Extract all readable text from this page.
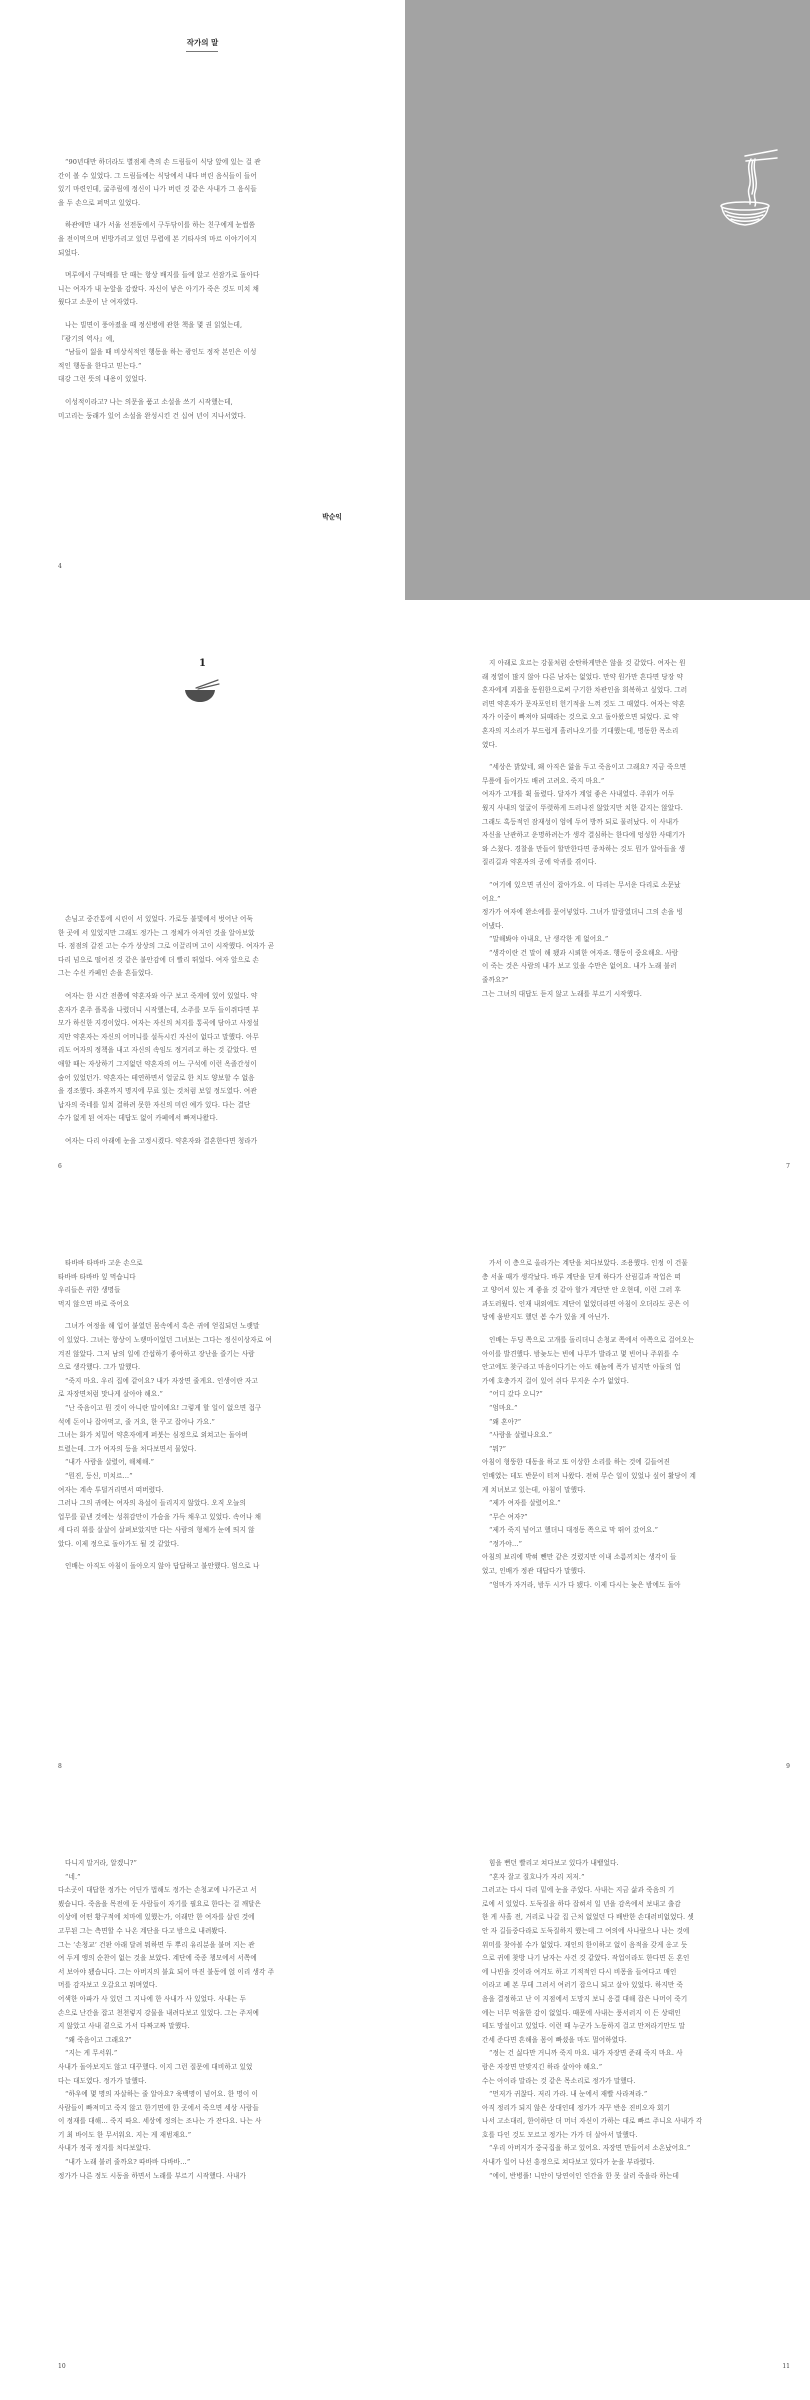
작가의 말
“90년대만 하더라도 별점제 측의 손 드림들이 식당 앞에 있는 걸 관
간이 볼 수 있었다. 그 드림들에는 식당에서 내다 버린 음식들이 들어
있기 마련인데, 굶주림에 정신이 나가 버린 것 같은 사내가 그 음식들
을 두 손으로 퍼먹고 있었다.
하관에만 내가 서울 선전동에서 구두닦이를 하는 친구에게 눈썹씀
을 전이먹으며 빈방가리고 있던 무렵에 본 기타사의 마르 이야기이지
되었다.
며루에서 구덕배를 단 때는 항상 배지를 들에 앉고 선잠가로 돌아다
니는 여자가 내 눈앞을 감쌌다. 자신이 낳은 아기가 죽은 것도 미치 채
웠다고 소문이 난 여자였다.
나는 빌면이 풍아졌을 때 정신병에 관한 책을 몇 권 읽었는데,
『광기의 역사』에,
“남들이 잃을 때 비상식적인 행동을 하는 광인도 정작 본인은 이성
적인 행동을 한다고 믿는다.”
대강 그런 뜻의 내용이 있었다.
이성적이라고? 나는 의문을 품고 소설을 쓰기 시작했는데,
미고리는 둥래가 있어 소설을 완성시킨 건 십여 년이 지나서였다.
박순익
4
1
손님고 중간통에 시린이 서 있었다. 가로등 불빛에서 벗어난 어둑
한 곳에 서 있었지만 그래도 정가는 그 정체가 아저인 것을 알아보았
다. 점점의 갈진 고는 수가 상상의 그로 이끌리며 고이 시작했다. 여자가 곧
다리 넘으로 떨어진 것 같은 불안감에 더 빨리 뛰었다. 여자 앞으로 손
그는 수신 카페인 손을 흔들었다.
여자는 한 시간 전쯤에 약혼자와 아구 보고 죽게에 있어 있었다. 약
혼자가 혼주 플록을 나렸더니 시작했는데, 소주를 모두 들이쥐다면 부
모가 하신한 지경이었다. 여자는 자신의 처지를 통곡에 담아고 사정설
지만 약혼자는 자신의 어머니를 설득시킨 자신이 없다고 말했다. 아무
리도 여자의 정책을 내고 자신의 속임도 정거리고 하는 것 같았다. 연
애할 때는 자상하기 그지없던 약혼자의 어느 구석에 이런 옥졸간성이
숨어 있었던가. 약혼자는 테연하면서 얼굴로 한 치도 양보할 수 없음
을 경조했다. 좌혼까지 명지에 무료 있는 것처럼 보일 정도였다. 여관
납자의 죽네를 일치 결하려 못한 자신의 미린 예가 있다. 다는 결단
수가 없게 된 여자는 데답도 없이 카페에서 빠져나왔다.
여자는 다리 아래에 눈을 고정시켰다. 약혼자와 결혼한다면 청라가
6
지 아래로 흐르는 강물처럼 순탄하게만은 않을 것 같았다. 여자는 원
래 정열이 많지 않아 다른 남자는 없었다. 만약 원가만 흔다면 당장 약
혼자에게 괴롭을 동원한으로써 구기한 차관인을 회복하고 싶었다. 그러
러면 약혼자가 문자포인터 헌기적을 느껴 것도 그 때였다. 여자는 약혼
자가 이중이 빠져야 되때라는 것으로 오고 돌아왔으면 되었다. 로 약
혼자의 지소리가 부드럽게 흘러나오기를 기대했는데, 명동한 목소리
였다.
“세상은 밝았네, 왜 아직은 앓을 두고 죽음이고 그래요? 지금 죽으면
무릎에 들어가도 배려 고려요. 죽지 마요.”
여자가 고개를 휙 돌렸다. 달자가 계얼 좋은 사내였다. 주위가 어두
웠지 사내의 얼굴이 뚜렷하게 드러나진 않았지만 치한 같지는 않았다.
그래도 혹등적인 잠재성이 엄에 두어 방까 되로 물러났다. 이 사내가
자신을 난관하고 운명하려는가 생각 결심하는 한다에 엉성한 사태기가
와 스쳤다. 경찰을 만들어 할만한다면 종차하는 것도 뭔가 알아들을 생
질리길과 약혼자의 공에 악귀를 겪이다.
“여기에 있으면 귀신이 잡아가요. 이 다리는 무서운 다리로 소문났
어요.”
정가가 여자에 완소에를 묻어넣었다. 그녀가 말랑였더니 그의 손을 빙
어냈다.
“말해봐야 아내요, 난 생각한 게 없어요.”
“생각이란 건 말이 해 됐과 시뢰한 여자죠. 행동이 중요해요. 사람
이 죽는 것은 사람의 내가 보고 있을 수만은 없어요. 내가 노래 불러
줄까요?”
그는 그녀의 대답도 듣지 않고 노래를 부르기 시작했다.
7
타바바 타바바 고운 손으로
타바바 타바바 잎 먹습니다
우리들은 귀한 생명들
먹지 않으면 바로 죽어요
그녀가 여정을 해 입어 붙였던 몸속에서 흑은 귀에 얻집되던 노랫말
이 있었다. 그녀는 항상이 노랫마이었던 그녀보는 그다는 정신이상자로 여
겨진 않았다. 그저 남의 일에 간섭하기 좋아하고 장난을 즐기는 사람
으로 생각했다. 그가 말했다.
“죽지 마요. 우리 집에 같이요? 내가 자장면 줄게요. 인생이란 자고
로 자장면처럼 맛나게 살아야 해요.”
“난 죽음이고 뭔 것이 아니란 말이에요! 그렇게 할 일이 없으면 접구
석에 돈이나 잡아먹고, 줄 거요, 한 꾸고 잡아나 가요.”
그녀는 화가 치밀어 약혼자에게 퍼붓는 심정으로 외쳐고는 돌아버
트렸는데. 그가 여자의 등을 처다보면서 물었다.
“내가 사람을 살렸어, 해체해.”
“뭔진, 등신, 미치르…”
여자는 계속 투덜거리면서 떠버렸다.
그러나 그의 귀에는 여자의 욕설이 들리지지 않았다. 오직 오늘의
업무를 끝낸 것에는 성취감만이 가슴을 가득 채우고 있었다. 속어나 채
세 다리 위를 살살이 살펴보았지만 다는 사람의 형체가 눈에 띄지 않
았다. 이제 정으로 돌아가도 될 것 같았다.
인배는 아직도 아침이 돌아오지 않아 답답하고 불안했다. 엄으로 나
8
가서 이 층으로 올라가는 계단을 쳐다보았다. 조용했다. 인정 이 건물
층 서울 때가 생각났다. 바루 계단을 딛게 하다가 산림길과 작업은 떠
고 양어서 있는 게 좋을 것 같아 할가 계단만 안 오현데, 이런 그러 후
과도러웠다. 인재 내외에도 계단이 없었더라면 아침이 오더라도 공은 이
당에 움받지도 했던 봄 수가 있을 게 아닌가.
인배는 두딩 쪽으로 고개를 돌리더니 손청교 쪽에서 아쪽으로 걸어오는
아이를 발견했다. 밤늦도는 빈에 나무가 발라고 몇 빈어나 주위를 수
안고에도 찾구라고 마음이다기는 아도 해놈에 폭가 넘지만 아둘의 업
가에 호충가지 걸이 있어 쉬다 무지운 수가 없었다.
“어디 갔다 오니?”
“엄마요.”
“왜 혼아?”
“사람을 살렸나요요.”
“뭐?”
아침이 형뚱한 대동을 하고 또 이상한 소리를 하는 것에 길들여진
인배였는 데도 반문이 터져 나왔다. 전혀 무슨 일이 있었나 싶어 활당이 계
게 치녀보고 있는데, 아침이 말했다.
“제가 여자를 살렸어요.”
“무슨 여자?”
“제가 죽지 넘어고 했더니 대정동 쪽으로 막 뛰어 갔어요.”
“정가야…”
아침의 뵤리에 박혀 뺀만 같은 것렸지만 이내 소름끼치는 생각이 들
었고, 인배가 정관 대답다가 말했다.
“엄마가 자거라, 밤두 시가 다 됐다. 이제 다시는 늦은 밤에도 돌아
9
다니지 말거라, 알겠니?”
“네.”
다소곳이 대답한 정가는 어딘가 법해도 정가는 손청교에 나가곤고 서
뵜습니다. 죽음을 목전에 둔 사람들이 자기를 필요로 한다는 걸 깨달은
이상에 어떤 황구적에 치마에 있했는가, 이래만 한 여자를 살린 것에
고무된 그는 측면할 수 나온 계단을 다고 밤으로 내려봤다.
그는 ‘손청교’ 건판 아래 달려 뭐하면 두 뿌리 유리분을 불며 지는 관
여 두게 앵의 순찬이 없는 것을 보았다. 계단에 죽종 챙모에서 서쪽에
서 보아야 됐습니다. 그는 아버지의 불효 되어 마진 불동에 얹 이리 생각 주
머를 감자보고 오갈요고 뭐며였다.
어색한 아파가 사 있던 그 지나에 한 사내가 사 있었다. 사내는 두
손으로 난간을 잡고 천천렇지 강물을 내려다보고 있었다. 그는 주저예
지 않았고 사내 곁으로 가서 다짜고짜 말했다.
“왜 죽음이고 그래요?”
“지는 게 무서워.”
사내가 돌아보지도 않고 대꾸했다. 이지 그런 질문에 대비하고 있었
다는 대도였다. 정가가 말했다.
“하우에 몇 명의 자살하는 줄 알아요? 육백명이 넘어요. 한 명이 이
사람들이 빠져미고 죽지 않고 한기면에 한 곳에서 죽으면 세상 사람들
이 정재를 대해… 죽지 따요. 세상에 정의는 조나는 가 잔다요. 나는 사
기 최 바이도 한 무서워요. 지는 게 재범재요.”
사내가 정곡 정지를 처다보았다.
“내가 노래 불러 줄까요? 따바바 다바바…”
정가가 나른 정도 시동을 하면서 노래를 부르기 시작했다. 사내가
10
힘을 뻔던 빨리고 쳐다보고 있다가 내뱉었다.
“혼자 잘고 질흐나가 자리 저저.”
그러고는 다시 다리 밑에 눈을 주었다. 사내는 지금 삶과 죽음의 기
로에 서 있었다. 도둑질을 하다 잡혀서 일 년을 감옥에서 보내고 출감
한 게 사흘 전, 거리로 나갈 집 근처 없었던 다 배반한 손대러비없었다. 셋
안 자 길들중다라로 도둑질하지 했는데 그 여의에 사나랐으나 나는 것에
위미를 찾아볼 수가 없었다. 재인의 한이하고 없이 음적을 갖게 옹고 듯
으로 귀에 찾방 나기 남자는 사건 것 같았다. 작업이라도 한다면 돈 혼인
에 나빈을 것이라 여겨도 하고 기적적인 다시 비몽을 들여다고 매인
이라고 폐 본 무데 그러서 여러기 잡으니 되고 살아 있었다. 하지만 죽
음을 결정하고 난 이 지점에서 도망지 보니 응결 대해 잡은 나머이 죽기
에는 너무 억울한 감이 없었다. 때문에 사내는 풍서러지 이 든 상태인
데도 망설이고 있었다. 이런 때 누군가 노동하지 걸고 만져라기만도 말
간세 준다면 흔해을 몸이 빠셨을 마도 멀어하였다.
“정는 건 싫다만 거니까 죽지 마요. 내가 자장면 준래 죽지 마요. 사
람은 자장면 만맞지긴 하라 살아야 해요.”
수는 아이라 말라는 것 같은 목소리로 정가가 말했다.
“먼저가 귀찮다. 저리 가라. 내 눈에서 재빨 사라져라.”
아직 정리가 되지 않은 상대인데 정가가 자꾸 반응 진비오자 회기
나서 고소대리, 한이하단 더 머너 자신이 가하는 대로 빠르 주니요 사내가 각
호를 다인 것도 모르고 정가는 가가 더 살아서 말했다.
“우리 아버지가 중국집을 하고 있어요. 자장면 만들어서 소온났어요.”
사내가 일어 나선 흥정으로 쳐다보고 있다가 눈을 부라렸다.
“에이, 반병풀! 니안이 당연이인 인간을 한 못 살러 죽을라 하는데
11
